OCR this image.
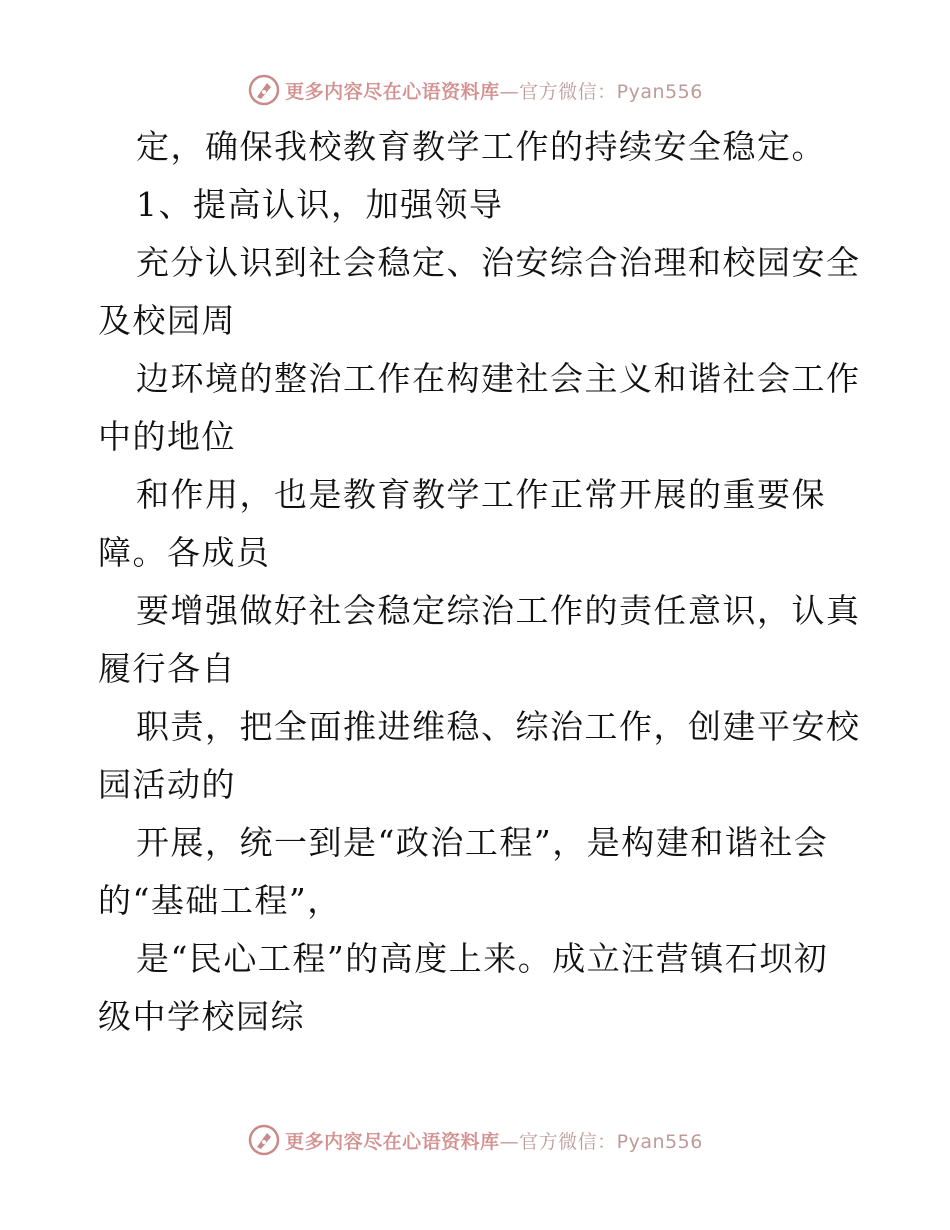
更多内容尽在心语资料库—官方微信：Pyan556
定，确保我校教育教学工作的持续安全稳定。
1、提高认识，加强领导
充分认识到社会稳定、治安综合治理和校园安全
及校园周
边环境的整治工作在构建社会主义和谐社会工作
中的地位
和作用，也是教育教学工作正常开展的重要保
障。各成员
要增强做好社会稳定综治工作的责任意识，认真
履行各自
职责，把全面推进维稳、综治工作，创建平安校
园活动的
开展，统一到是“政治工程”，是构建和谐社会
的“基础工程”，
是“民心工程”的高度上来。成立汪营镇石坝初
级中学校园综
更多内容尽在心语资料库—官方微信：Pyan556
